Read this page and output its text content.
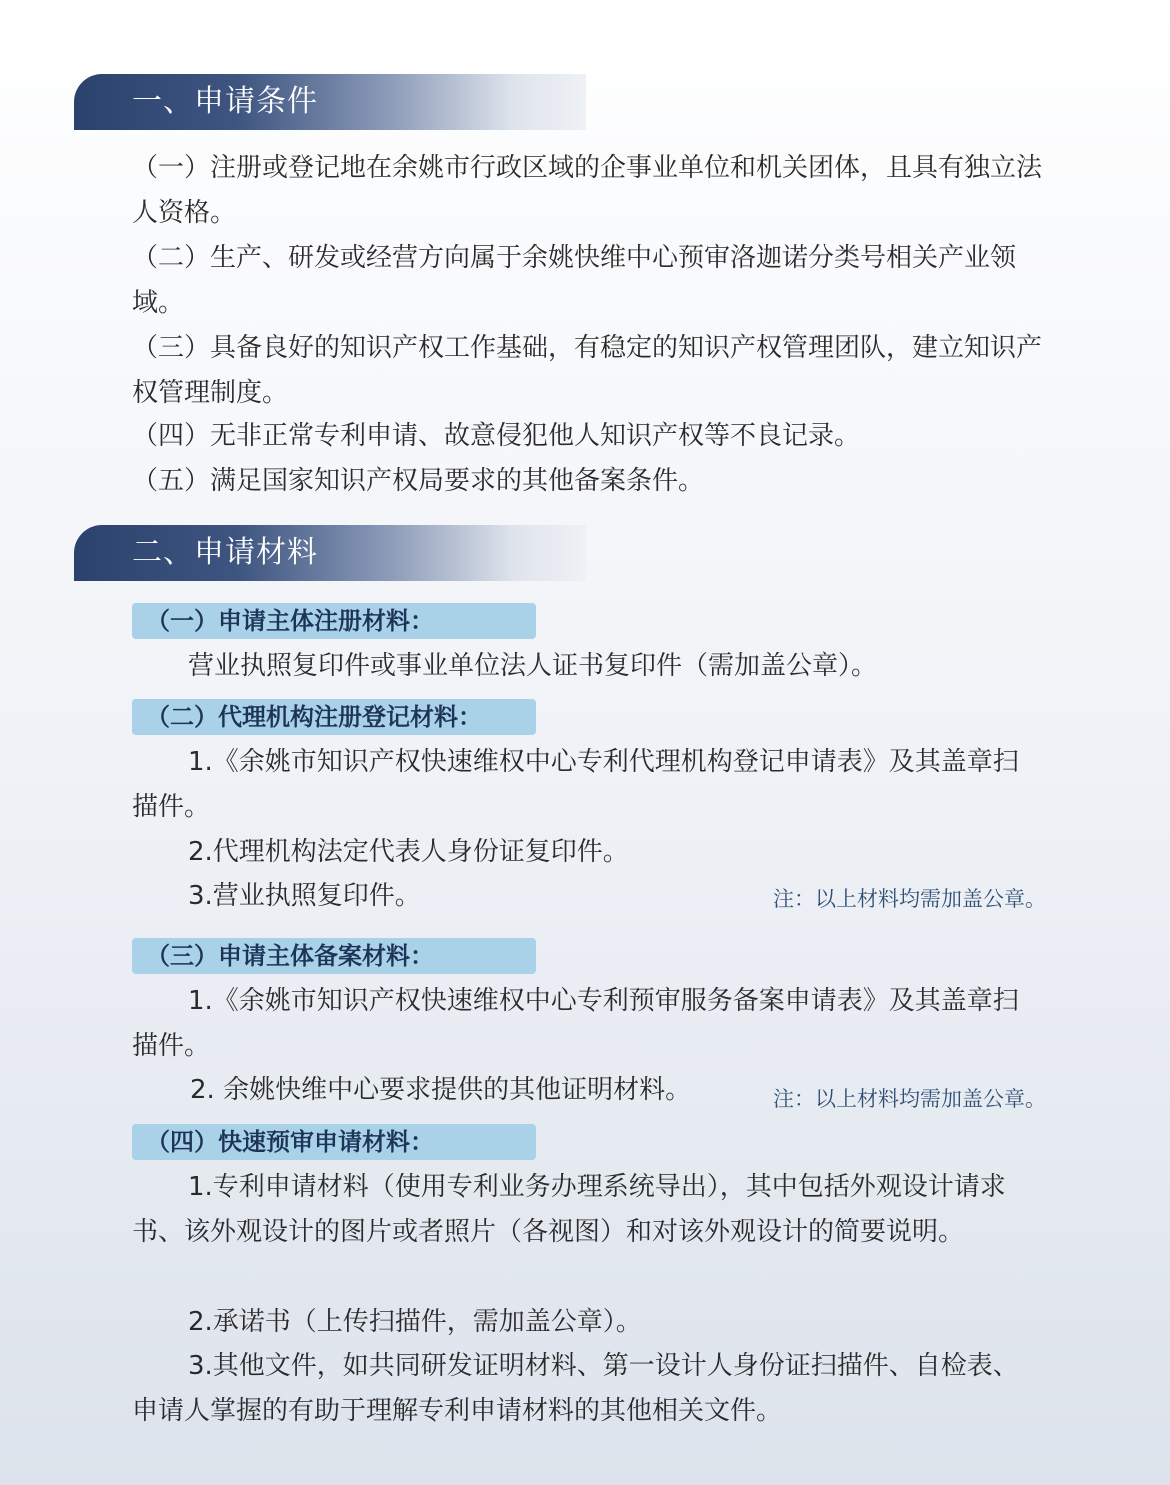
一、申请条件

（一）注册或登记地在余姚市行政区域的企事业单位和机关团体，且具有独立法人资格。

（二）生产、研发或经营方向属于余姚快维中心预审洛迦诺分类号相关产业领域。

（三）具备良好的知识产权工作基础，有稳定的知识产权管理团队，建立知识产权管理制度。

（四）无非正常专利申请、故意侵犯他人知识产权等不良记录。

（五）满足国家知识产权局要求的其他备案条件。

二、申请材料
（一）申请主体注册材料：
营业执照复印件或事业单位法人证书复印件（需加盖公章）。
（二）代理机构注册登记材料：

1.《余姚市知识产权快速维权中心专利代理机构登记申请表》及其盖章扫描件。

2.代理机构法定代表人身份证复印件。
3.营业执照复印件。	注：以上材料均需加盖公章。
（三）申请主体备案材料：

1.《余姚市知识产权快速维权中心专利预审服务备案申请表》及其盖章扫描件。

2. 余姚快维中心要求提供的其他证明材料。	注：以上材料均需加盖公章。
（四）快速预审申请材料：

1.专利申请材料（使用专利业务办理系统导出），其中包括外观设计请求书、该外观设计的图片或者照片（各视图）和对该外观设计的简要说明。

2.承诺书（上传扫描件，需加盖公章）。

3.其他文件，如共同研发证明材料、第一设计人身份证扫描件、自检表、申请人掌握的有助于理解专利申请材料的其他相关文件。
